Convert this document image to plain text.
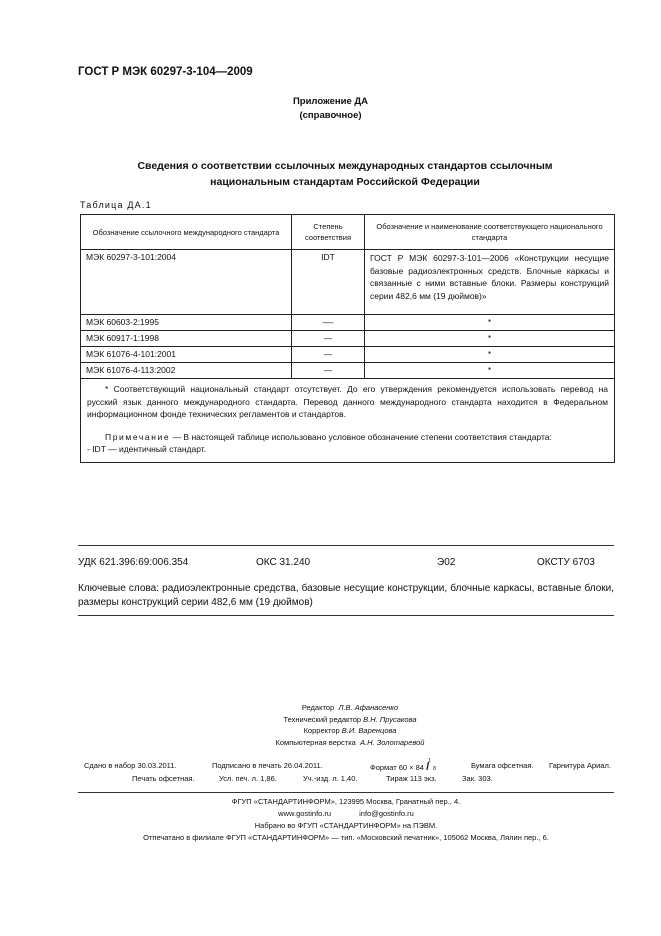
ГОСТ Р МЭК 60297-3-104—2009
Приложение ДА
(справочное)
Сведения о соответствии ссылочных международных стандартов ссылочным
национальным стандартам Российской Федерации
Таблица ДА.1
Обозначение ссылочного международного стандарта	Степень соответствия	Обозначение и наименование соответствующего национального стандарта
МЭК 60297-3-101:2004	IDT	ГОСТ Р МЭК 60297-3-101—2006 «Конструкции несущие базовые радиоэлектронных средств. Блочные каркасы и связанные с ними вставные блоки. Размеры конструкций серии 482,6 мм (19 дюймов)»
МЭК 60603-2:1995	—-	*
МЭК 60917-1:1998	—	*
МЭК 61076-4-101:2001	—	*
МЭК 61076-4-113:2002	—	*

* Соответствующий национальный стандарт отсутствует. До его утверждения рекомендуется использовать перевод на русский язык данного международного стандарта. Перевод данного международного стандарта находится в Федеральном информационном фонде технических регламентов и стандартов.

Примечание — В настоящей таблице использовано условное обозначение степени соответствия стандарта:

- IDT — идентичный стандарт.		

УДК 621.396:69:006.354	ОКС 31.240	Э02	ОКСТУ 6703
Ключевые слова: радиоэлектронные средства, базовые несущие конструкции, блочные каркасы, вставные блоки, размеры конструкций серии 482,6 мм (19 дюймов)
Редактор Л.В. Афанасенко
Технический редактор В.Н. Прусакова
Корректор В.И. Варенцова
Компьютерная верстка А.Н. Золотаревой
Сдано в набор 30.03.2011.	Подписано в печать 26.04.2011.	Формат 60 × 84
1
/ 8	Бумага офсетная. Гарнитура Ариал.
Печать офсетная.	Усл. печ. л. 1,86.	Уч.-изд. л. 1,40.	Тираж 113 экз.	Зак. 303.
ФГУП «СТАНДАРТИНФОРМ», 123995 Москва, Гранатный пер., 4.
www.gostinfo.ru	info@gostinfo.ru
Набрано во ФГУП «СТАНДАРТИНФОРМ» на ПЭВМ.
Отпечатано в филиале ФГУП «СТАНДАРТИНФОРМ» — тип. «Московский печатник», 105062 Москва, Лялин пер., 6.
